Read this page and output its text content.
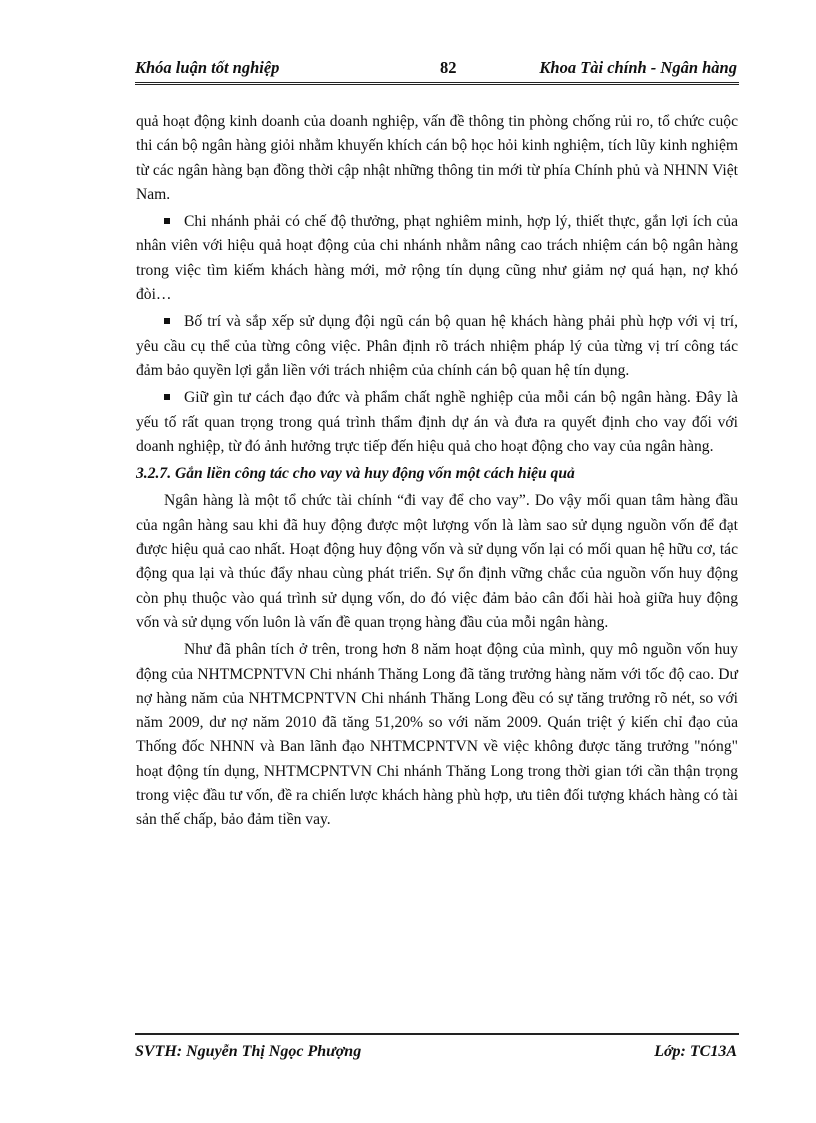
Khóa luận tốt nghiệp	82	Khoa Tài chính - Ngân hàng

quả hoạt động kinh doanh của doanh nghiệp, vấn đề thông tin phòng chống rủi ro, tổ chức cuộc thi cán bộ ngân hàng giỏi nhằm khuyến khích cán bộ học hỏi kinh nghiệm, tích lũy kinh nghiệm từ các ngân hàng bạn đồng thời cập nhật những thông tin mới từ phía Chính phủ và NHNN Việt Nam.

Chi nhánh phải có chế độ thưởng, phạt nghiêm minh, hợp lý, thiết thực, gắn lợi ích của nhân viên với hiệu quả hoạt động của chi nhánh nhằm nâng cao trách nhiệm cán bộ ngân hàng trong việc tìm kiếm khách hàng mới, mở rộng tín dụng cũng như giảm nợ quá hạn, nợ khó đòi…

Bố trí và sắp xếp sử dụng đội ngũ cán bộ quan hệ khách hàng phải phù hợp với vị trí, yêu cầu cụ thể của từng công việc. Phân định rõ trách nhiệm pháp lý của từng vị trí công tác đảm bảo quyền lợi gắn liền với trách nhiệm của chính cán bộ quan hệ tín dụng.

Giữ gìn tư cách đạo đức và phẩm chất nghề nghiệp của mỗi cán bộ ngân hàng. Đây là yếu tố rất quan trọng trong quá trình thẩm định dự án và đưa ra quyết định cho vay đối với doanh nghiệp, từ đó ảnh hưởng trực tiếp đến hiệu quả cho hoạt động cho vay của ngân hàng.

3.2.7. Gắn liền công tác cho vay và huy động vốn một cách hiệu quả

Ngân hàng là một tổ chức tài chính “đi vay để cho vay”. Do vậy mối quan tâm hàng đầu của ngân hàng sau khi đã huy động được một lượng vốn là làm sao sử dụng nguồn vốn để đạt được hiệu quả cao nhất. Hoạt động huy động vốn và sử dụng vốn lại có mối quan hệ hữu cơ, tác động qua lại và thúc đẩy nhau cùng phát triển. Sự ổn định vững chắc của nguồn vốn huy động còn phụ thuộc vào quá trình sử dụng vốn, do đó việc đảm bảo cân đối hài hoà giữa huy động vốn và sử dụng vốn luôn là vấn đề quan trọng hàng đầu của mỗi ngân hàng.

Như đã phân tích ở trên, trong hơn 8 năm hoạt động của mình, quy mô nguồn vốn huy động của NHTMCPNTVN Chi nhánh Thăng Long đã tăng trưởng hàng năm với tốc độ cao. Dư nợ hàng năm của NHTMCPNTVN Chi nhánh Thăng Long đều có sự tăng trưởng rõ nét, so với năm 2009, dư nợ năm 2010 đã tăng 51,20% so với năm 2009. Quán triệt ý kiến chỉ đạo của Thống đốc NHNN và Ban lãnh đạo NHTMCPNTVN về việc không được tăng trưởng "nóng" hoạt động tín dụng, NHTMCPNTVN Chi nhánh Thăng Long trong thời gian tới cần thận trọng trong việc đầu tư vốn, đề ra chiến lược khách hàng phù hợp, ưu tiên đối tượng khách hàng có tài sản thế chấp, bảo đảm tiền vay.

SVTH: Nguyễn Thị Ngọc Phượng	Lớp: TC13A
